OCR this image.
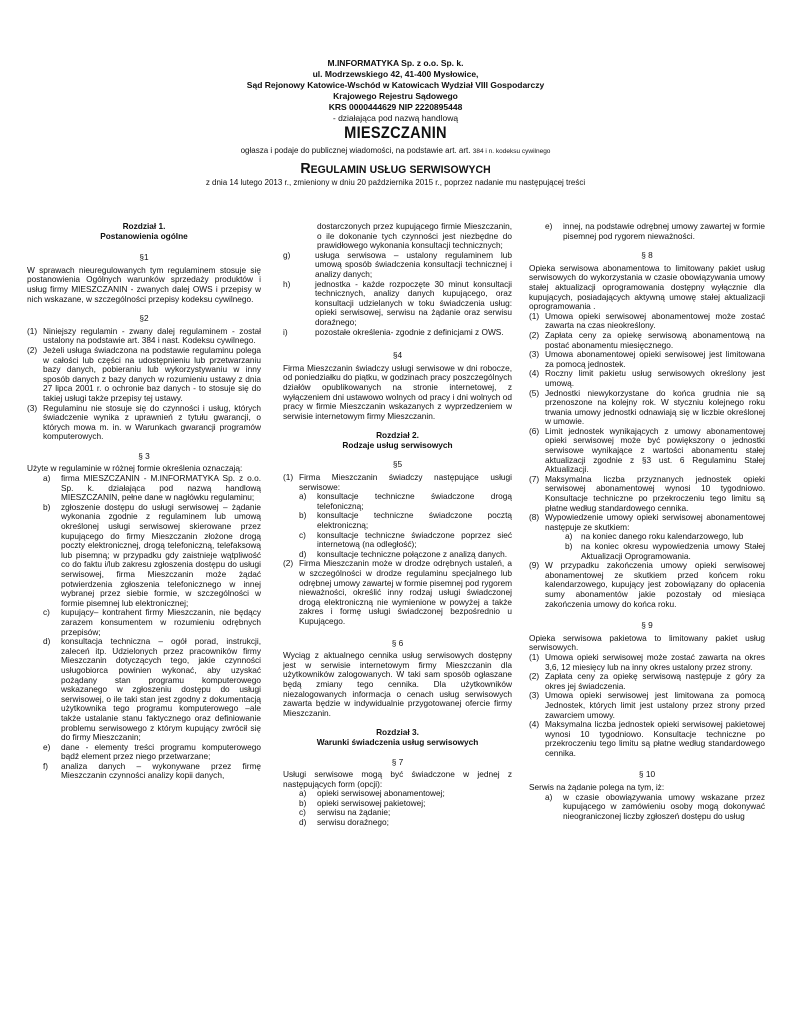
M.INFORMATYKA Sp. z o.o. Sp. k.
ul. Modrzewskiego 42, 41-400 Mysłowice,
Sąd Rejonowy Katowice-Wschód w Katowicach Wydział VIII Gospodarczy
Krajowego Rejestru Sądowego
KRS 0000444629 NIP 2220895448
- działająca pod nazwą handlową
MIESZCZANIN
ogłasza i podaje do publicznej wiadomości, na podstawie art. art. 384 i n. kodeksu cywilnego
REGULAMIN USŁUG SERWISOWYCH
z dnia 14 lutego 2013 r., zmieniony w dniu 20 października 2015 r., poprzez nadanie mu następującej treści
Rozdział 1.
Postanowienia ogólne
§1

W sprawach nieuregulowanych tym regulaminem stosuje się postanowienia Ogólnych warunków sprzedaży produktów i usług firmy MIESZCZANIN - zwanych dalej OWS i przepisy w nich wskazane, w szczególności przepisy kodeksu cywilnego.

§2
(1) Niniejszy regulamin - zwany dalej regulaminem - został ustalony na podstawie art. 384 i nast. Kodeksu cywilnego.
(2) Jeżeli usługa świadczona na podstawie regulaminu polega w całości lub części na udostępnieniu lub przetwarzaniu bazy danych, pobieraniu lub wykorzystywaniu w inny sposób danych z bazy danych w rozumieniu ustawy z dnia 27 lipca 2001 r. o ochronie baz danych - to stosuje się do takiej usługi także przepisy tej ustawy.
(3) Regulaminu nie stosuje się do czynności i usług, których świadczenie wynika z uprawnień z tytułu gwarancji, o których mowa m. in. w Warunkach gwarancji programów komputerowych.
§ 3

Użyte w regulaminie w różnej formie określenia oznaczają:

a)	firma MIESZCZANIN - M.INFORMATYKA Sp. z o.o. Sp. k. działająca pod nazwą handlową MIESZCZANIN, pełne dane w nagłówku regulaminu;
b)	zgłoszenie dostępu do usługi serwisowej – żądanie wykonania zgodnie z regulaminem lub umową określonej usługi serwisowej skierowane przez kupującego do firmy Mieszczanin złożone drogą poczty elektronicznej, drogą telefoniczną, telefaksową lub pisemną; w przypadku gdy zaistnieje wątpliwość co do faktu i/lub zakresu zgłoszenia dostępu do usługi serwisowej, firma Mieszczanin może żądać potwierdzenia zgłoszenia telefonicznego w innej wybranej przez siebie formie, w szczególności w formie pisemnej lub elektronicznej;
c)	kupujący– kontrahent firmy Mieszczanin, nie będący zarazem konsumentem w rozumieniu odrębnych przepisów;
d)	konsultacja techniczna – ogół porad, instrukcji, zaleceń itp. Udzielonych przez pracowników firmy Mieszczanin dotyczących tego, jakie czynności usługobiorca powinien wykonać, aby uzyskać pożądany stan programu komputerowego wskazanego w zgłoszeniu dostępu do usługi serwisowej, o ile taki stan jest zgodny z dokumentacją użytkownika tego programu komputerowego –ale także ustalanie stanu faktycznego oraz definiowanie problemu serwisowego z którym kupujący zwrócił się do firmy Mieszczanin;
e)	dane - elementy treści programu komputerowego bądź element przez niego przetwarzane;
f)	analiza danych – wykonywane przez firmę Mieszczanin czynności analizy kopii danych,

dostarczonych przez kupującego firmie Mieszczanin, o ile dokonanie tych czynności jest niezbędne do prawidłowego wykonania konsultacji technicznych;

g)	usługa serwisowa – ustalony regulaminem lub umową sposób świadczenia konsultacji technicznej i analizy danych;
h)	jednostka - każde rozpoczęte 30 minut konsultacji technicznych, analizy danych kupującego, oraz konsultacji udzielanych w toku świadczenia usług: opieki serwisowej, serwisu na żądanie oraz serwisu doraźnego;
i)	pozostałe określenia- zgodnie z definicjami z OWS.
§4

Firma Mieszczanin świadczy usługi serwisowe w dni robocze, od poniedziałku do piątku, w godzinach pracy poszczególnych działów opublikowanych na stronie internetowej, z wyłączeniem dni ustawowo wolnych od pracy i dni wolnych od pracy w firmie Mieszczanin wskazanych z wyprzedzeniem w serwisie internetowym firmy Mieszczanin.

Rozdział 2.
Rodzaje usług serwisowych
§5
(1) Firma Mieszczanin świadczy następujące usługi serwisowe:
a)	konsultacje techniczne świadczone drogą telefoniczną;
b)	konsultacje techniczne świadczone pocztą elektroniczną;
c)	konsultacje techniczne świadczone poprzez sieć internetową (na odległość);
d)	konsultacje techniczne połączone z analizą danych.
(2) Firma Mieszczanin może w drodze odrębnych ustaleń, a w szczególności w drodze regulaminu specjalnego lub odrębnej umowy zawartej w formie pisemnej pod rygorem nieważności, określić inny rodzaj usługi świadczonej drogą elektroniczną nie wymienione w powyżej a także zakres i formę usługi świadczonej bezpośrednio u Kupującego.
§ 6

Wyciąg z aktualnego cennika usług serwisowych dostępny jest w serwisie internetowym firmy Mieszczanin dla użytkowników zalogowanych. W taki sam sposób ogłaszane będą zmiany tego cennika. Dla użytkowników niezalogowanych informacja o cenach usług serwisowych zawarta będzie w indywidualnie przygotowanej ofercie firmy Mieszczanin.

Rozdział 3.
Warunki świadczenia usług serwisowych
§ 7

Usługi serwisowe mogą być świadczone w jednej z następujących form (opcji):

a)	opieki serwisowej abonamentowej;
b)	opieki serwisowej pakietowej;
c)	serwisu na żądanie;
d)	serwisu doraźnego;
e)	innej, na podstawie odrębnej umowy zawartej w formie pisemnej pod rygorem nieważności.
§ 8

Opieka serwisowa abonamentowa to limitowany pakiet usług serwisowych do wykorzystania w czasie obowiązywania umowy stałej aktualizacji oprogramowania dostępny wyłącznie dla kupujących, posiadających aktywną umowę stałej aktualizacji oprogramowania .

(1) Umowa opieki serwisowej abonamentowej może zostać zawarta na czas nieokreślony.
(2) Zapłata ceny za opiekę serwisową abonamentową na postać abonamentu miesięcznego.
(3) Umowa abonamentowej opieki serwisowej jest limitowana za pomocą jednostek.
(4) Roczny limit pakietu usług serwisowych określony jest umową.
(5) Jednostki niewykorzystane do końca grudnia nie są przenoszone na kolejny rok. W styczniu kolejnego roku trwania umowy jednostki odnawiają się w liczbie określonej w umowie.
(6) Limit jednostek wynikających z umowy abonamentowej opieki serwisowej może być powiększony o jednostki serwisowe wynikające z wartości abonamentu stałej aktualizacji zgodnie z §3 ust. 6 Regulaminu Stałej Aktualizacji.
(7) Maksymalna liczba przyznanych jednostek opieki serwisowej abonamentowej wynosi 10 tygodniowo. Konsultacje techniczne po przekroczeniu tego limitu są płatne według standardowego cennika.
(8) Wypowiedzenie umowy opieki serwisowej abonamentowej następuje ze skutkiem:
a)	na koniec danego roku kalendarzowego, lub
b)	na koniec okresu wypowiedzenia umowy Stałej Aktualizacji Oprogramowania.
(9) W przypadku zakończenia umowy opieki serwisowej abonamentowej ze skutkiem przed końcem roku kalendarzowego, kupujący jest zobowiązany do opłacenia sumy abonamentów jakie pozostały od miesiąca zakończenia umowy do końca roku.
§ 9

Opieka serwisowa pakietowa to limitowany pakiet usług serwisowych.

(1) Umowa opieki serwisowej może zostać zawarta na okres 3,6, 12 miesięcy lub na inny okres ustalony przez strony.
(2) Zapłata ceny za opiekę serwisową następuje z góry za okres jej świadczenia.
(3) Umowa opieki serwisowej jest limitowana za pomocą Jednostek, których limit jest ustalony przez strony przed zawarciem umowy.
(4) Maksymalna liczba jednostek opieki serwisowej pakietowej wynosi 10 tygodniowo. Konsultacje techniczne po przekroczeniu tego limitu są płatne według standardowego cennika.
§ 10

Serwis na żądanie polega na tym, iż:

a)	w czasie obowiązywania umowy wskazane przez kupującego w zamówieniu osoby mogą dokonywać nieograniczonej liczby zgłoszeń dostępu do usług
